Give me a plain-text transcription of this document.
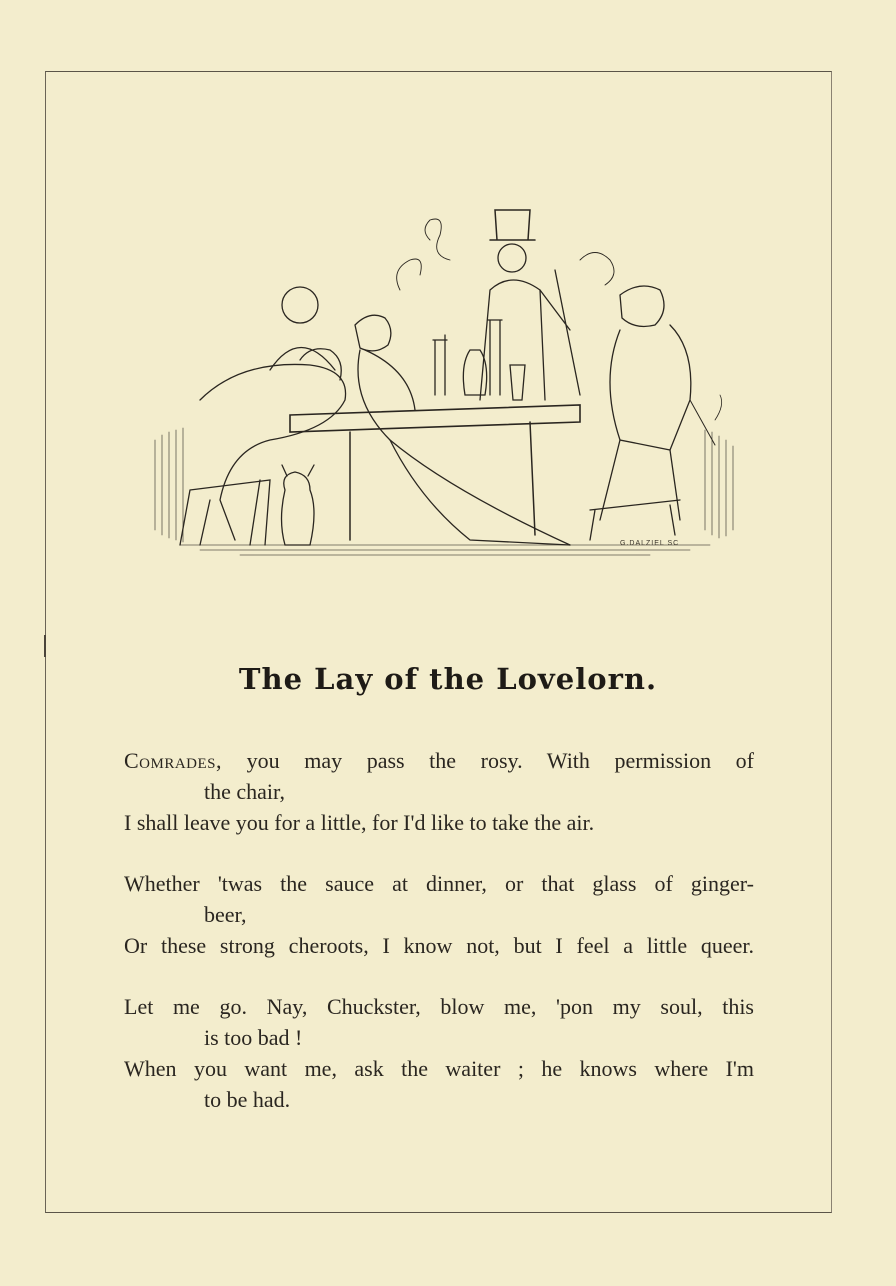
G.DALZIEL SC
The Lay of the Lovelorn.
Comrades, you may pass the rosy. With permission of
the chair,
I shall leave you for a little, for I'd like to take the air.
Whether 'twas the sauce at dinner, or that glass of ginger-
beer,
Or these strong cheroots, I know not, but I feel a little queer.
Let me go. Nay, Chuckster, blow me, 'pon my soul, this
is too bad !
When you want me, ask the waiter ; he knows where I'm
to be had.
